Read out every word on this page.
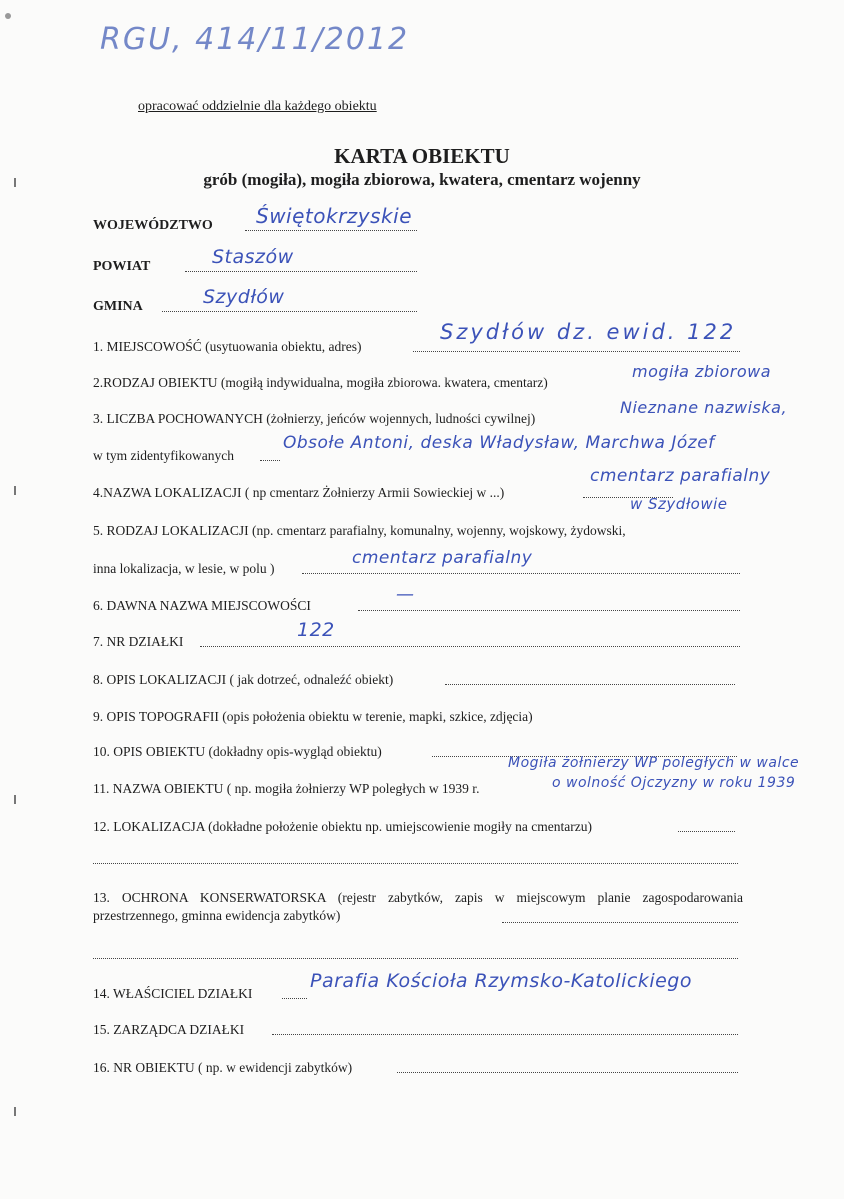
RGU, 414/11/2012
opracować oddzielnie dla każdego obiektu
KARTA OBIEKTU
grób (mogiła), mogiła zbiorowa, kwatera, cmentarz wojenny
WOJEWÓDZTWO Świętokrzyskie
POWIAT	Staszów
GMINA	Szydłów
1. MIEJSCOWOŚĆ (usytuowania obiektu, adres)
Szydłów dz. ewid. 122
2.RODZAJ OBIEKTU (mogiłą indywidualna, mogiła zbiorowa. kwatera, cmentarz)
mogiła zbiorowa
3. LICZBA POCHOWANYCH (żołnierzy, jeńców wojennych, ludności cywilnej)
Nieznane nazwiska,
w tym zidentyfikowanych
Obsołe Antoni, deska Władysław, Marchwa Józef
4.NAZWA LOKALIZACJI ( np cmentarz Żołnierzy Armii Sowieckiej w ...)
cmentarz parafialny
w Szydłowie
5. RODZAJ LOKALIZACJI (np. cmentarz parafialny, komunalny, wojenny, wojskowy, żydowski,
inna lokalizacja, w lesie, w polu )
cmentarz parafialny
6. DAWNA NAZWA MIEJSCOWOŚCI
—
7. NR DZIAŁKI
122
8. OPIS LOKALIZACJI ( jak dotrzeć, odnaleźć obiekt)
9. OPIS TOPOGRAFII (opis położenia obiektu w terenie, mapki, szkice, zdjęcia)
10. OPIS OBIEKTU (dokładny opis-wygląd obiektu)
11. NAZWA OBIEKTU ( np. mogiła żołnierzy WP poległych w 1939 r.
Mogiła żołnierzy WP poległych w walce
o wolność Ojczyzny w roku 1939
12. LOKALIZACJA (dokładne położenie obiektu np. umiejscowienie mogiły na cmentarzu)
13. OCHRONA KONSERWATORSKA (rejestr zabytków, zapis w miejscowym planie zagospodarowania przestrzennego, gminna ewidencja zabytków)
14. WŁAŚCICIEL DZIAŁKI
Parafia Kościoła Rzymsko-Katolickiego
15. ZARZĄDCA DZIAŁKI
16. NR OBIEKTU ( np. w ewidencji zabytków)
